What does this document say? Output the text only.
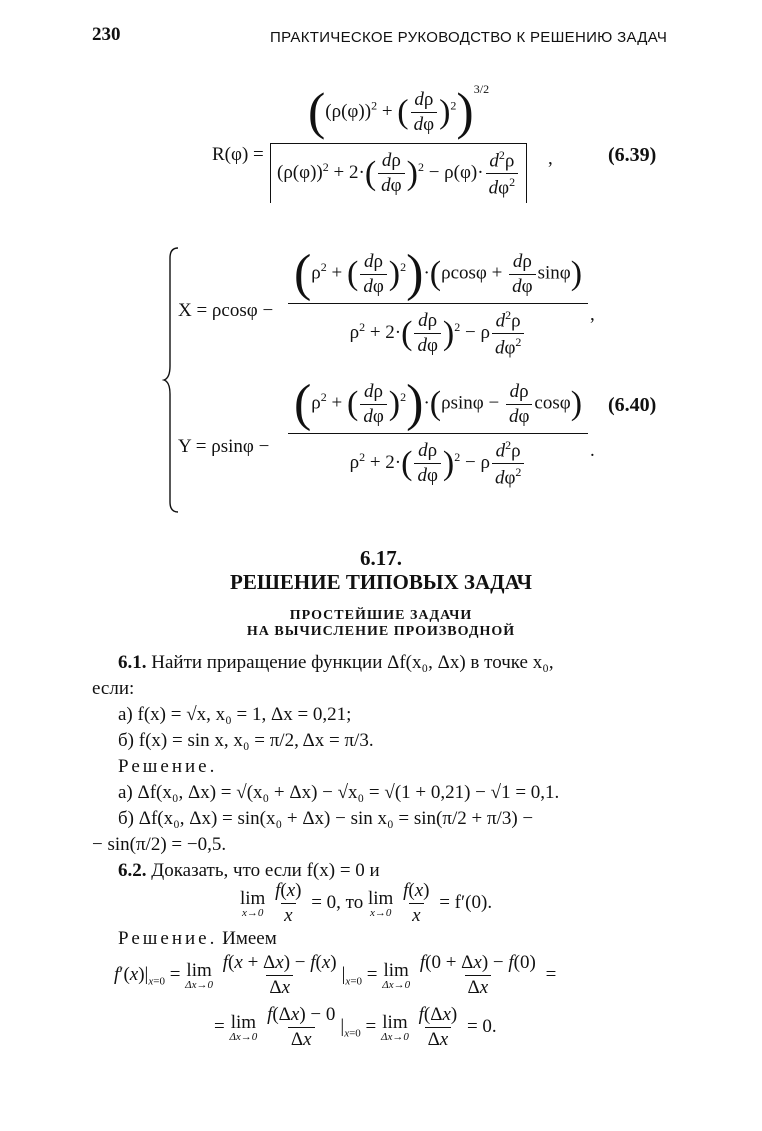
230	ПРАКТИЧЕСКОЕ РУКОВОДСТВО К РЕШЕНИЮ ЗАДАЧ
R(φ) =
($(\rho(\varphi))^2$ + ( $\frac{d\rho}{d\varphi} )^2)^{3/2}$
$(\rho(\varphi))^2 + 2\cdot( \frac{d\rho}{d\varphi} )^2 - \rho(\varphi)\cdot \frac{d^2\rho}{d\varphi^2}$ ,	(6.39)
X = ρcosφ −
($\rho^2$ + ( $\frac{d\rho}{d\varphi} )^2)\cdot(\rho\cos\varphi + \frac{d\rho}{d\varphi} \sin\varphi)$
$\rho^2 + 2\cdot( \frac{d\rho}{d\varphi} )^2 - \rho \frac{d^2\rho}{d\varphi^2}$	,
Y = ρsinφ −
($\rho^2$ + ( $\frac{d\rho}{d\varphi} )^2)\cdot(\rho\sin\varphi - \frac{d\rho}{d\varphi} \cos\varphi)$
$\rho^2 + 2\cdot( \frac{d\rho}{d\varphi} )^2 - \rho \frac{d^2\rho}{d\varphi^2}$	.
(6.40)
6.17.
РЕШЕНИЕ ТИПОВЫХ ЗАДАЧ
ПРОСТЕЙШИЕ ЗАДАЧИ
НА ВЫЧИСЛЕНИЕ ПРОИЗВОДНОЙ
6.1. Найти приращение функции Δf(x₀, Δx) в точке x₀,
если:
а) f(x) = √x, x₀ = 1, Δx = 0,21;
б) f(x) = sin x, x₀ = π/2, Δx = π/3.
Решение.
а) Δf(x₀, Δx) = √(x₀ + Δx) − √x₀ = √(1 + 0,21) − √1 = 0,1.
б) Δf(x₀, Δx) = sin(x₀ + Δx) − sin x₀ = sin(π/2 + π/3) −
− sin(π/2) = −0,5.
6.2. Доказать, что если f(x) = 0 и
lim
x→0
$\frac{f(x)}{x} = 0$, то lim
x→0
$\frac{f(x)}{x} = f'(0)$.
Решение. Имеем
$f'(x)|_{x=0} = \lim$
Δx→0
$\frac{f(x + \Delta x) - f(x)}{\Delta x} |_{x=0} = \lim$
Δx→0
$\frac{f(0 + \Delta x) - f(0)}{\Delta x}$ =
= lim
Δx→0
$\frac{f(\Delta x) - 0}{\Delta x} |_{x=0} = \lim$
Δx→0
$\frac{f(\Delta x)}{\Delta x} = 0$.
